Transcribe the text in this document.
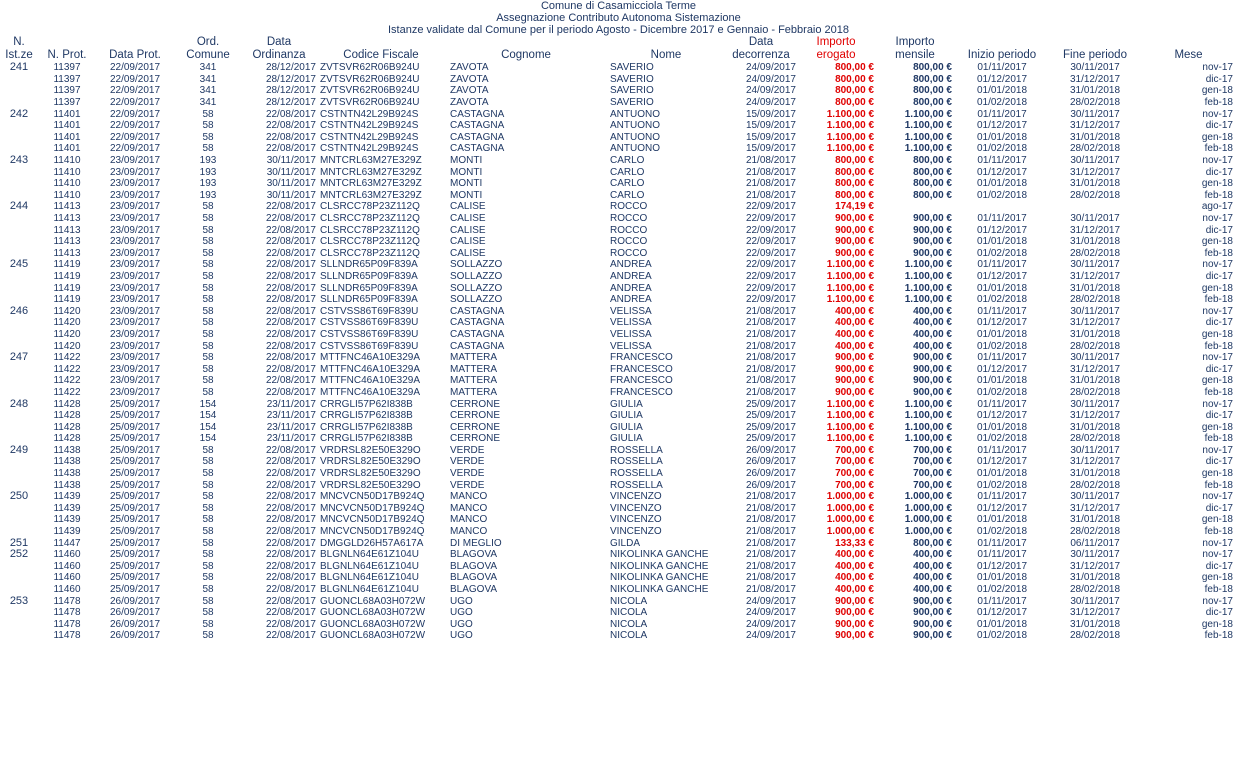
Comune di Casamicciola Terme
Assegnazione Contributo Autonoma Sistemazione
Istanze validate dal Comune per il periodo Agosto - Dicembre 2017 e Gennaio - Febbraio 2018
N.
Ist.ze	N. Prot.	Data Prot.	Ord.
Comune	Data
Ordinanza	Codice Fiscale	Cognome	Nome	Data
decorrenza	Importo
erogato	Importo
mensile	Inizio periodo	Fine periodo	Mese
241	11397	22/09/2017	341	28/12/2017	ZVTSVR62R06B924U	ZAVOTA	SAVERIO	24/09/2017	800,00 €	800,00 €	01/11/2017	30/11/2017	nov-17
	11397	22/09/2017	341	28/12/2017	ZVTSVR62R06B924U	ZAVOTA	SAVERIO	24/09/2017	800,00 €	800,00 €	01/12/2017	31/12/2017	dic-17
	11397	22/09/2017	341	28/12/2017	ZVTSVR62R06B924U	ZAVOTA	SAVERIO	24/09/2017	800,00 €	800,00 €	01/01/2018	31/01/2018	gen-18
	11397	22/09/2017	341	28/12/2017	ZVTSVR62R06B924U	ZAVOTA	SAVERIO	24/09/2017	800,00 €	800,00 €	01/02/2018	28/02/2018	feb-18
242	11401	22/09/2017	58	22/08/2017	CSTNTN42L29B924S	CASTAGNA	ANTUONO	15/09/2017	1.100,00 €	1.100,00 €	01/11/2017	30/11/2017	nov-17
	11401	22/09/2017	58	22/08/2017	CSTNTN42L29B924S	CASTAGNA	ANTUONO	15/09/2017	1.100,00 €	1.100,00 €	01/12/2017	31/12/2017	dic-17
	11401	22/09/2017	58	22/08/2017	CSTNTN42L29B924S	CASTAGNA	ANTUONO	15/09/2017	1.100,00 €	1.100,00 €	01/01/2018	31/01/2018	gen-18
	11401	22/09/2017	58	22/08/2017	CSTNTN42L29B924S	CASTAGNA	ANTUONO	15/09/2017	1.100,00 €	1.100,00 €	01/02/2018	28/02/2018	feb-18
243	11410	23/09/2017	193	30/11/2017	MNTCRL63M27E329Z	MONTI	CARLO	21/08/2017	800,00 €	800,00 €	01/11/2017	30/11/2017	nov-17
	11410	23/09/2017	193	30/11/2017	MNTCRL63M27E329Z	MONTI	CARLO	21/08/2017	800,00 €	800,00 €	01/12/2017	31/12/2017	dic-17
	11410	23/09/2017	193	30/11/2017	MNTCRL63M27E329Z	MONTI	CARLO	21/08/2017	800,00 €	800,00 €	01/01/2018	31/01/2018	gen-18
	11410	23/09/2017	193	30/11/2017	MNTCRL63M27E329Z	MONTI	CARLO	21/08/2017	800,00 €	800,00 €	01/02/2018	28/02/2018	feb-18
244	11413	23/09/2017	58	22/08/2017	CLSRCC78P23Z112Q	CALISE	ROCCO	22/09/2017	174,19 €				ago-17
	11413	23/09/2017	58	22/08/2017	CLSRCC78P23Z112Q	CALISE	ROCCO	22/09/2017	900,00 €	900,00 €	01/11/2017	30/11/2017	nov-17
	11413	23/09/2017	58	22/08/2017	CLSRCC78P23Z112Q	CALISE	ROCCO	22/09/2017	900,00 €	900,00 €	01/12/2017	31/12/2017	dic-17
	11413	23/09/2017	58	22/08/2017	CLSRCC78P23Z112Q	CALISE	ROCCO	22/09/2017	900,00 €	900,00 €	01/01/2018	31/01/2018	gen-18
	11413	23/09/2017	58	22/08/2017	CLSRCC78P23Z112Q	CALISE	ROCCO	22/09/2017	900,00 €	900,00 €	01/02/2018	28/02/2018	feb-18
245	11419	23/09/2017	58	22/08/2017	SLLNDR65P09F839A	SOLLAZZO	ANDREA	22/09/2017	1.100,00 €	1.100,00 €	01/11/2017	30/11/2017	nov-17
	11419	23/09/2017	58	22/08/2017	SLLNDR65P09F839A	SOLLAZZO	ANDREA	22/09/2017	1.100,00 €	1.100,00 €	01/12/2017	31/12/2017	dic-17
	11419	23/09/2017	58	22/08/2017	SLLNDR65P09F839A	SOLLAZZO	ANDREA	22/09/2017	1.100,00 €	1.100,00 €	01/01/2018	31/01/2018	gen-18
	11419	23/09/2017	58	22/08/2017	SLLNDR65P09F839A	SOLLAZZO	ANDREA	22/09/2017	1.100,00 €	1.100,00 €	01/02/2018	28/02/2018	feb-18
246	11420	23/09/2017	58	22/08/2017	CSTVSS86T69F839U	CASTAGNA	VELISSA	21/08/2017	400,00 €	400,00 €	01/11/2017	30/11/2017	nov-17
	11420	23/09/2017	58	22/08/2017	CSTVSS86T69F839U	CASTAGNA	VELISSA	21/08/2017	400,00 €	400,00 €	01/12/2017	31/12/2017	dic-17
	11420	23/09/2017	58	22/08/2017	CSTVSS86T69F839U	CASTAGNA	VELISSA	21/08/2017	400,00 €	400,00 €	01/01/2018	31/01/2018	gen-18
	11420	23/09/2017	58	22/08/2017	CSTVSS86T69F839U	CASTAGNA	VELISSA	21/08/2017	400,00 €	400,00 €	01/02/2018	28/02/2018	feb-18
247	11422	23/09/2017	58	22/08/2017	MTTFNC46A10E329A	MATTERA	FRANCESCO	21/08/2017	900,00 €	900,00 €	01/11/2017	30/11/2017	nov-17
	11422	23/09/2017	58	22/08/2017	MTTFNC46A10E329A	MATTERA	FRANCESCO	21/08/2017	900,00 €	900,00 €	01/12/2017	31/12/2017	dic-17
	11422	23/09/2017	58	22/08/2017	MTTFNC46A10E329A	MATTERA	FRANCESCO	21/08/2017	900,00 €	900,00 €	01/01/2018	31/01/2018	gen-18
	11422	23/09/2017	58	22/08/2017	MTTFNC46A10E329A	MATTERA	FRANCESCO	21/08/2017	900,00 €	900,00 €	01/02/2018	28/02/2018	feb-18
248	11428	25/09/2017	154	23/11/2017	CRRGLI57P62I838B	CERRONE	GIULIA	25/09/2017	1.100,00 €	1.100,00 €	01/11/2017	30/11/2017	nov-17
	11428	25/09/2017	154	23/11/2017	CRRGLI57P62I838B	CERRONE	GIULIA	25/09/2017	1.100,00 €	1.100,00 €	01/12/2017	31/12/2017	dic-17
	11428	25/09/2017	154	23/11/2017	CRRGLI57P62I838B	CERRONE	GIULIA	25/09/2017	1.100,00 €	1.100,00 €	01/01/2018	31/01/2018	gen-18
	11428	25/09/2017	154	23/11/2017	CRRGLI57P62I838B	CERRONE	GIULIA	25/09/2017	1.100,00 €	1.100,00 €	01/02/2018	28/02/2018	feb-18
249	11438	25/09/2017	58	22/08/2017	VRDRSL82E50E329O	VERDE	ROSSELLA	26/09/2017	700,00 €	700,00 €	01/11/2017	30/11/2017	nov-17
	11438	25/09/2017	58	22/08/2017	VRDRSL82E50E329O	VERDE	ROSSELLA	26/09/2017	700,00 €	700,00 €	01/12/2017	31/12/2017	dic-17
	11438	25/09/2017	58	22/08/2017	VRDRSL82E50E329O	VERDE	ROSSELLA	26/09/2017	700,00 €	700,00 €	01/01/2018	31/01/2018	gen-18
	11438	25/09/2017	58	22/08/2017	VRDRSL82E50E329O	VERDE	ROSSELLA	26/09/2017	700,00 €	700,00 €	01/02/2018	28/02/2018	feb-18
250	11439	25/09/2017	58	22/08/2017	MNCVCN50D17B924Q	MANCO	VINCENZO	21/08/2017	1.000,00 €	1.000,00 €	01/11/2017	30/11/2017	nov-17
	11439	25/09/2017	58	22/08/2017	MNCVCN50D17B924Q	MANCO	VINCENZO	21/08/2017	1.000,00 €	1.000,00 €	01/12/2017	31/12/2017	dic-17
	11439	25/09/2017	58	22/08/2017	MNCVCN50D17B924Q	MANCO	VINCENZO	21/08/2017	1.000,00 €	1.000,00 €	01/01/2018	31/01/2018	gen-18
	11439	25/09/2017	58	22/08/2017	MNCVCN50D17B924Q	MANCO	VINCENZO	21/08/2017	1.000,00 €	1.000,00 €	01/02/2018	28/02/2018	feb-18
251	11447	25/09/2017	58	22/08/2017	DMGGLD26H57A617A	DI MEGLIO	GILDA	21/08/2017	133,33 €	800,00 €	01/11/2017	06/11/2017	nov-17
252	11460	25/09/2017	58	22/08/2017	BLGNLN64E61Z104U	BLAGOVA	NIKOLINKA GANCHE	21/08/2017	400,00 €	400,00 €	01/11/2017	30/11/2017	nov-17
	11460	25/09/2017	58	22/08/2017	BLGNLN64E61Z104U	BLAGOVA	NIKOLINKA GANCHE	21/08/2017	400,00 €	400,00 €	01/12/2017	31/12/2017	dic-17
	11460	25/09/2017	58	22/08/2017	BLGNLN64E61Z104U	BLAGOVA	NIKOLINKA GANCHE	21/08/2017	400,00 €	400,00 €	01/01/2018	31/01/2018	gen-18
	11460	25/09/2017	58	22/08/2017	BLGNLN64E61Z104U	BLAGOVA	NIKOLINKA GANCHE	21/08/2017	400,00 €	400,00 €	01/02/2018	28/02/2018	feb-18
253	11478	26/09/2017	58	22/08/2017	GUONCL68A03H072W	UGO	NICOLA	24/09/2017	900,00 €	900,00 €	01/11/2017	30/11/2017	nov-17
	11478	26/09/2017	58	22/08/2017	GUONCL68A03H072W	UGO	NICOLA	24/09/2017	900,00 €	900,00 €	01/12/2017	31/12/2017	dic-17
	11478	26/09/2017	58	22/08/2017	GUONCL68A03H072W	UGO	NICOLA	24/09/2017	900,00 €	900,00 €	01/01/2018	31/01/2018	gen-18
	11478	26/09/2017	58	22/08/2017	GUONCL68A03H072W	UGO	NICOLA	24/09/2017	900,00 €	900,00 €	01/02/2018	28/02/2018	feb-18
